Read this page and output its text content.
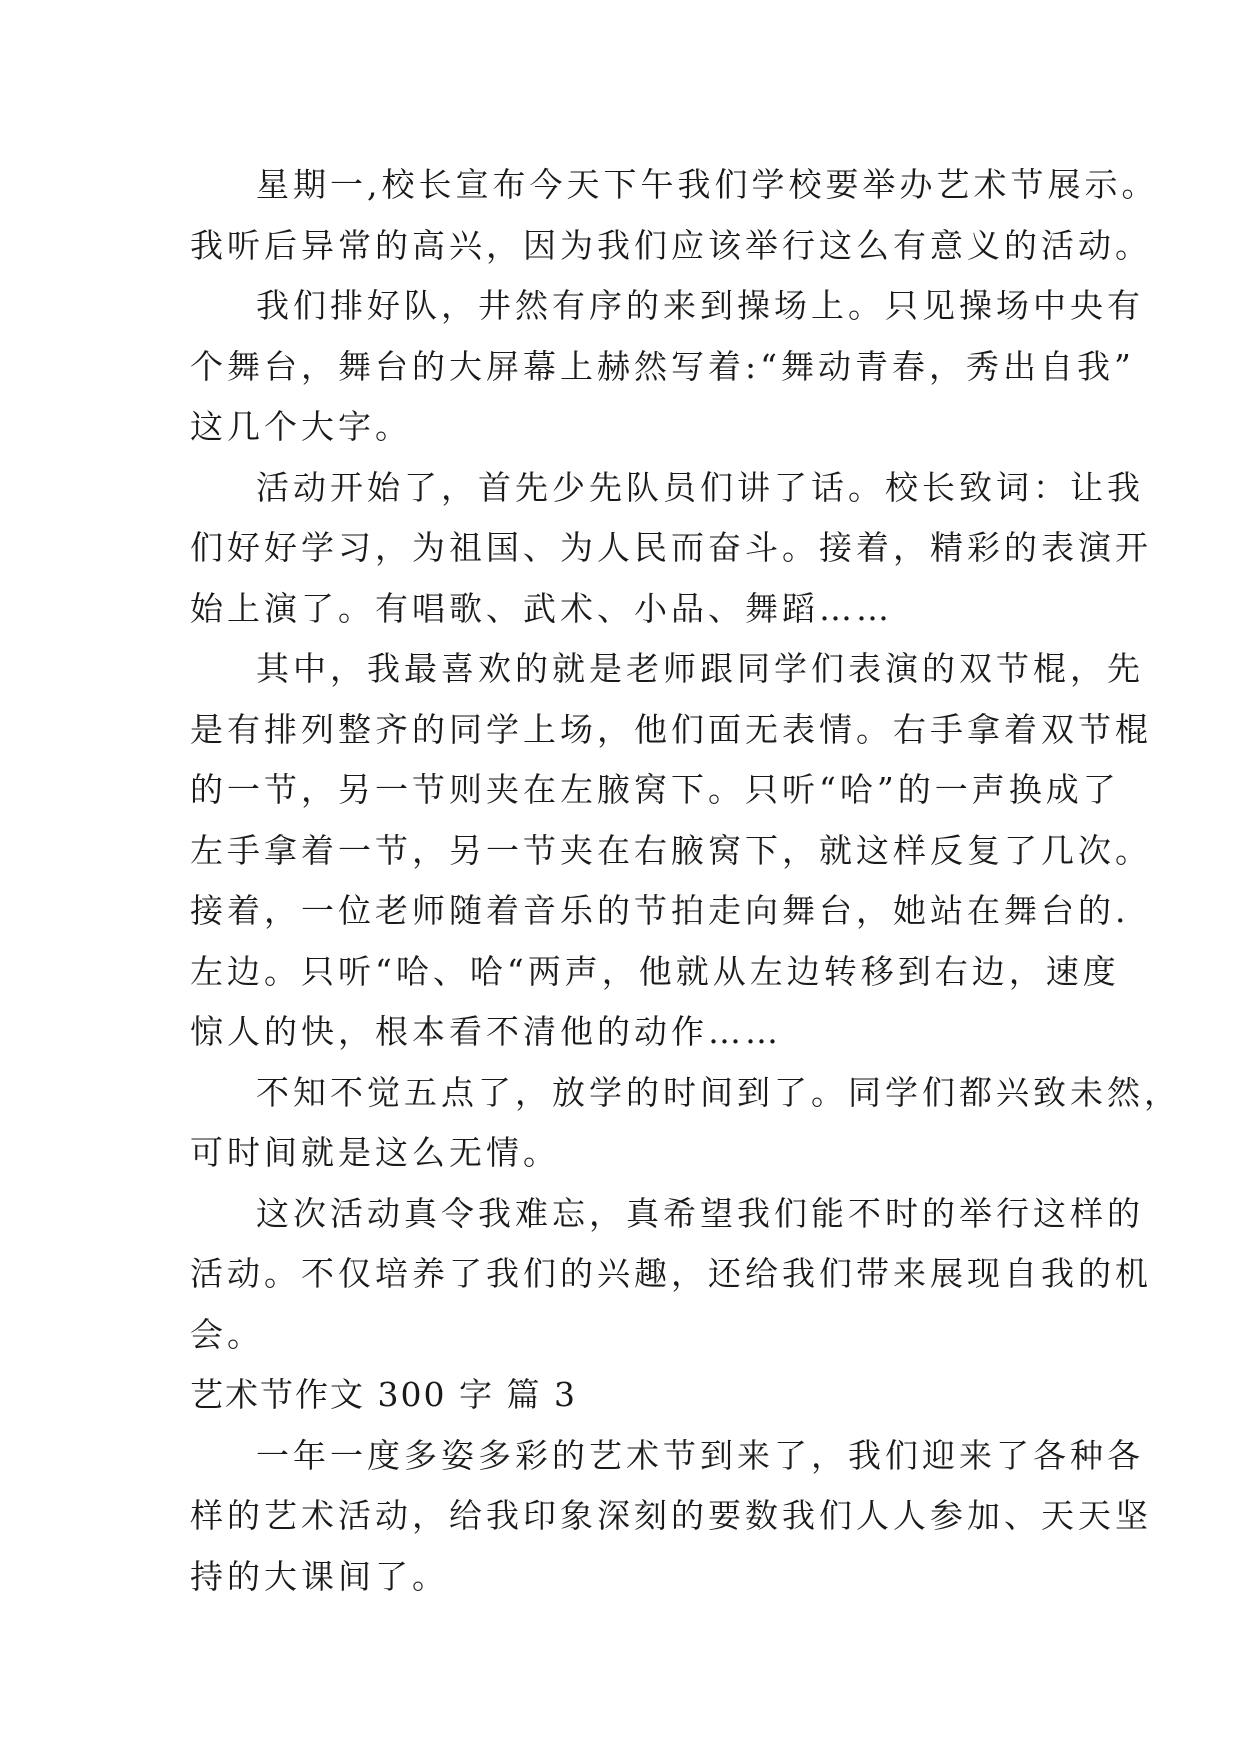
星期一,校长宣布今天下午我们学校要举办艺术节展示。
我听后异常的高兴，因为我们应该举行这么有意义的活动。
我们排好队，井然有序的来到操场上。只见操场中央有
个舞台，舞台的大屏幕上赫然写着:“舞动青春，秀出自我”
这几个大字。
活动开始了，首先少先队员们讲了话。校长致词：让我
们好好学习，为祖国、为人民而奋斗。接着，精彩的表演开
始上演了。有唱歌、武术、小品、舞蹈……
其中，我最喜欢的就是老师跟同学们表演的双节棍，先
是有排列整齐的同学上场，他们面无表情。右手拿着双节棍
的一节，另一节则夹在左腋窝下。只听“哈”的一声换成了
左手拿着一节，另一节夹在右腋窝下，就这样反复了几次。
接着，一位老师随着音乐的节拍走向舞台，她站在舞台的.
左边。只听“哈、哈“两声，他就从左边转移到右边，速度
惊人的快，根本看不清他的动作……
不知不觉五点了，放学的时间到了。同学们都兴致未然，
可时间就是这么无情。
这次活动真令我难忘，真希望我们能不时的举行这样的
活动。不仅培养了我们的兴趣，还给我们带来展现自我的机
会。
艺术节作文 300 字 篇 3
一年一度多姿多彩的艺术节到来了，我们迎来了各种各
样的艺术活动，给我印象深刻的要数我们人人参加、天天坚
持的大课间了。
